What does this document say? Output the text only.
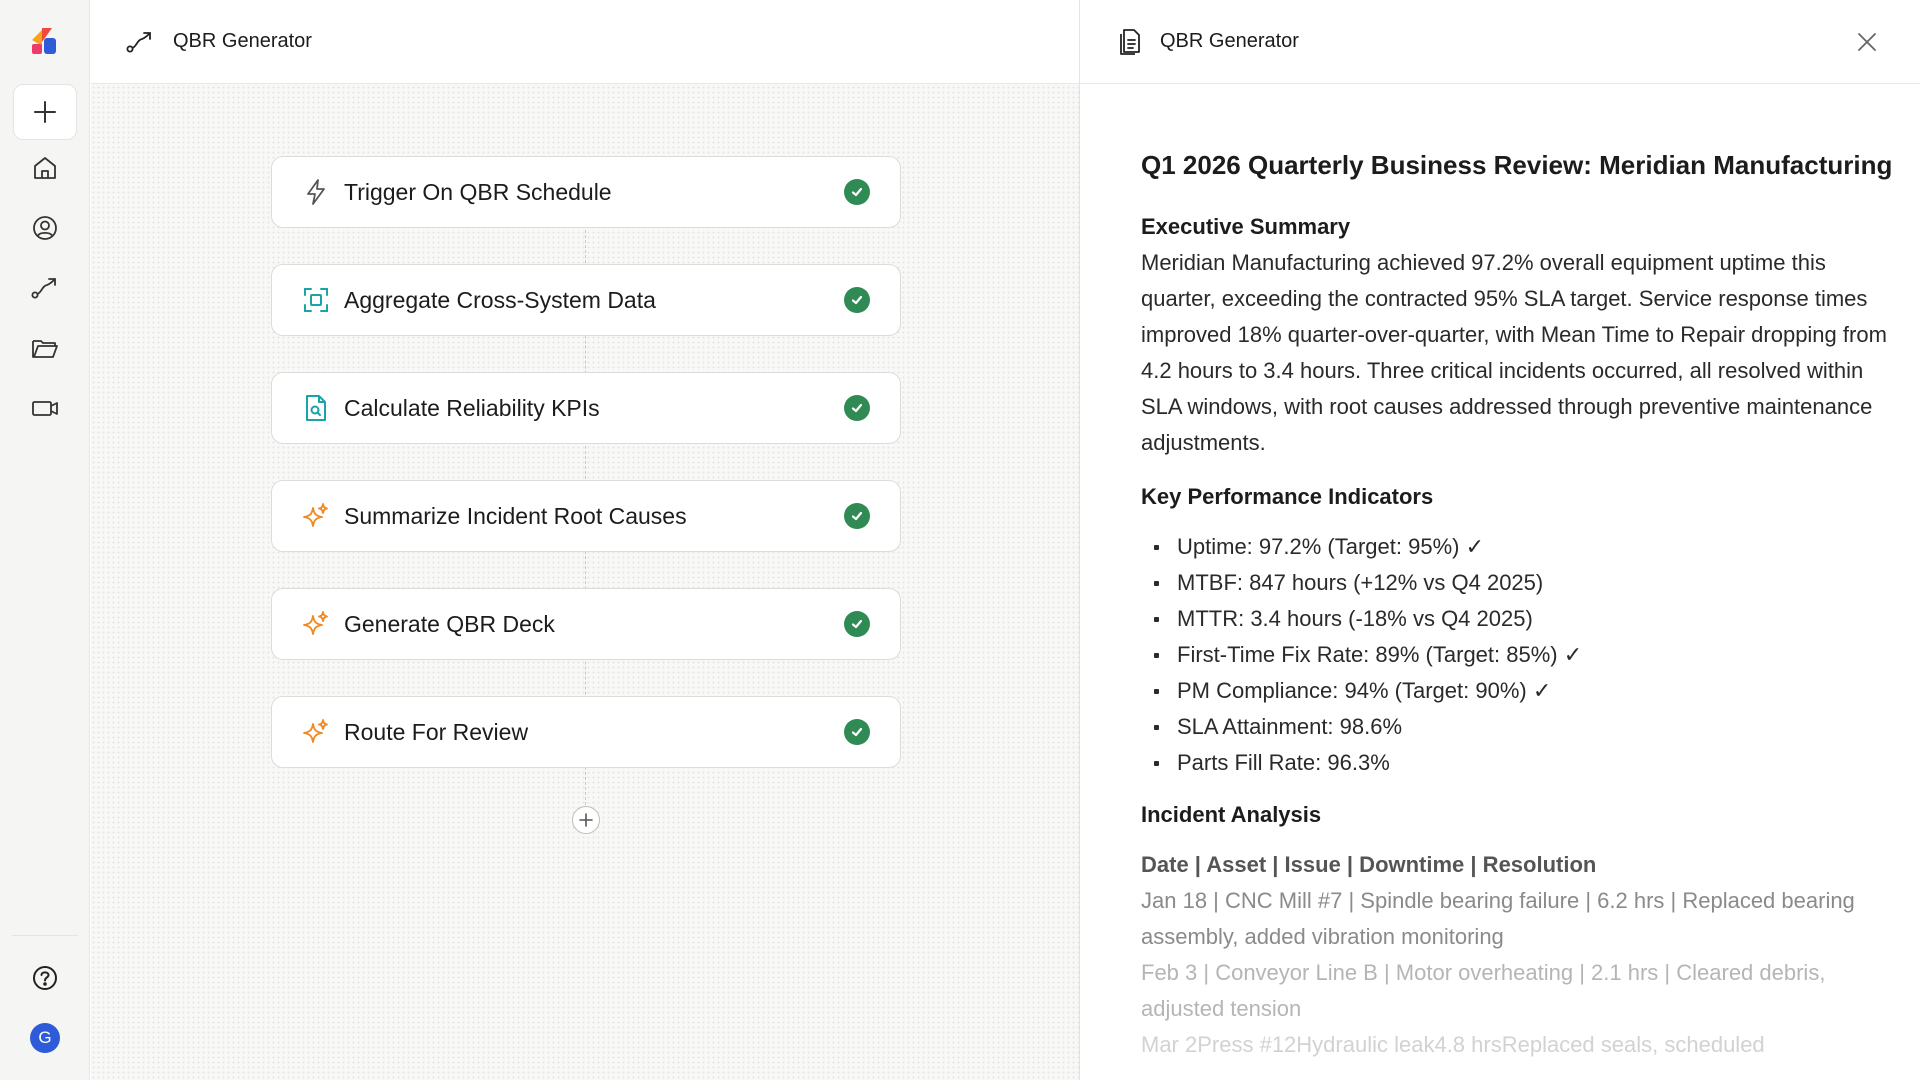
G
QBR Generator
Trigger On QBR Schedule
Aggregate Cross-System Data
Calculate Reliability KPIs
Summarize Incident Root Causes
Generate QBR Deck
Route For Review
QBR Generator
Q1 2026 Quarterly Business Review: Meridian Manufacturing
Executive Summary

Meridian Manufacturing achieved 97.2% overall equipment uptime this quarter, exceeding the contracted 95% SLA target. Service response times improved 18% quarter-over-quarter, with Mean Time to Repair dropping from 4.2 hours to 3.4 hours. Three critical incidents occurred, all resolved within SLA windows, with root causes addressed through preventive maintenance adjustments.

Key Performance Indicators
Uptime: 97.2% (Target: 95%) ✓
MTBF: 847 hours (+12% vs Q4 2025)
MTTR: 3.4 hours (-18% vs Q4 2025)
First-Time Fix Rate: 89% (Target: 85%) ✓
PM Compliance: 94% (Target: 90%) ✓
SLA Attainment: 98.6%
Parts Fill Rate: 96.3%
Incident Analysis
Date | Asset | Issue | Downtime | Resolution
Jan 18 | CNC Mill #7 | Spindle bearing failure | 6.2 hrs | Replaced bearing assembly, added vibration monitoring
Feb 3 | Conveyor Line B | Motor overheating | 2.1 hrs | Cleared debris, adjusted tension
Mar 2Press #12Hydraulic leak4.8 hrsReplaced seals, scheduled
